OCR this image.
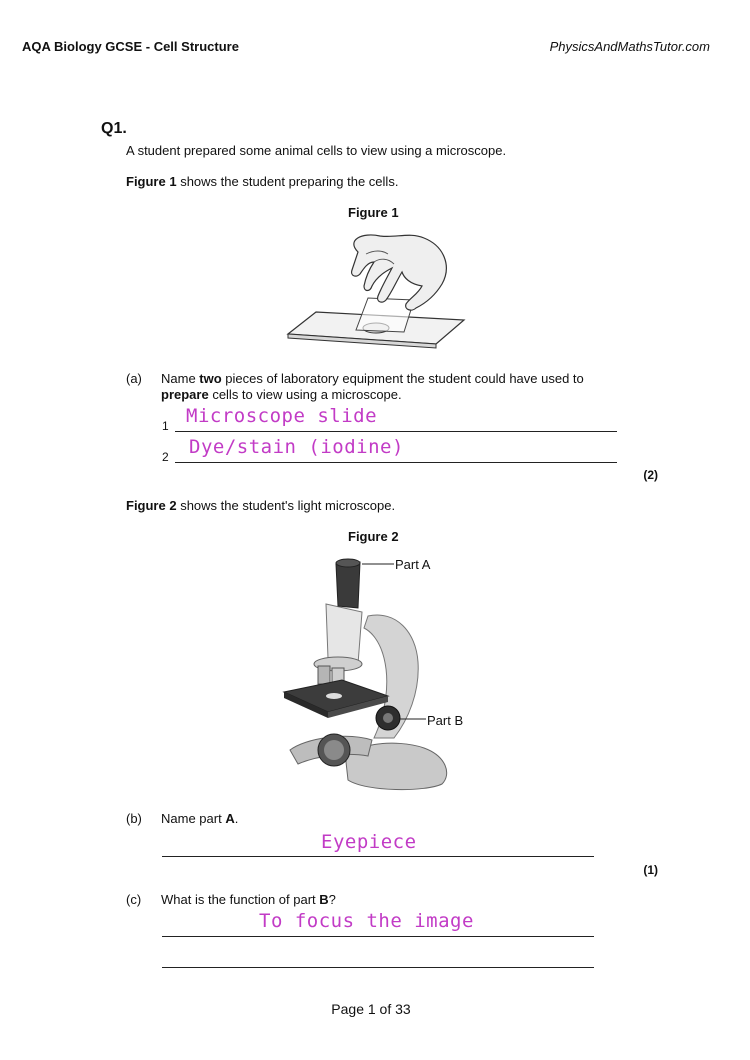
AQA Biology GCSE - Cell Structure	PhysicsAndMathsTutor.com
Q1.
A student prepared some animal cells to view using a microscope.
Figure 1 shows the student preparing the cells.
Figure 1
(a) Name two pieces of laboratory equipment the student could have used to
prepare cells to view using a microscope.
1 Microscope slide
2 Dye/stain (iodine)
(2)
Figure 2 shows the student's light microscope.
Figure 2
Part A
Part B
(b) Name part A.
Eyepiece
(1)
(c) What is the function of part B?
To focus the image
Page 1 of 33
